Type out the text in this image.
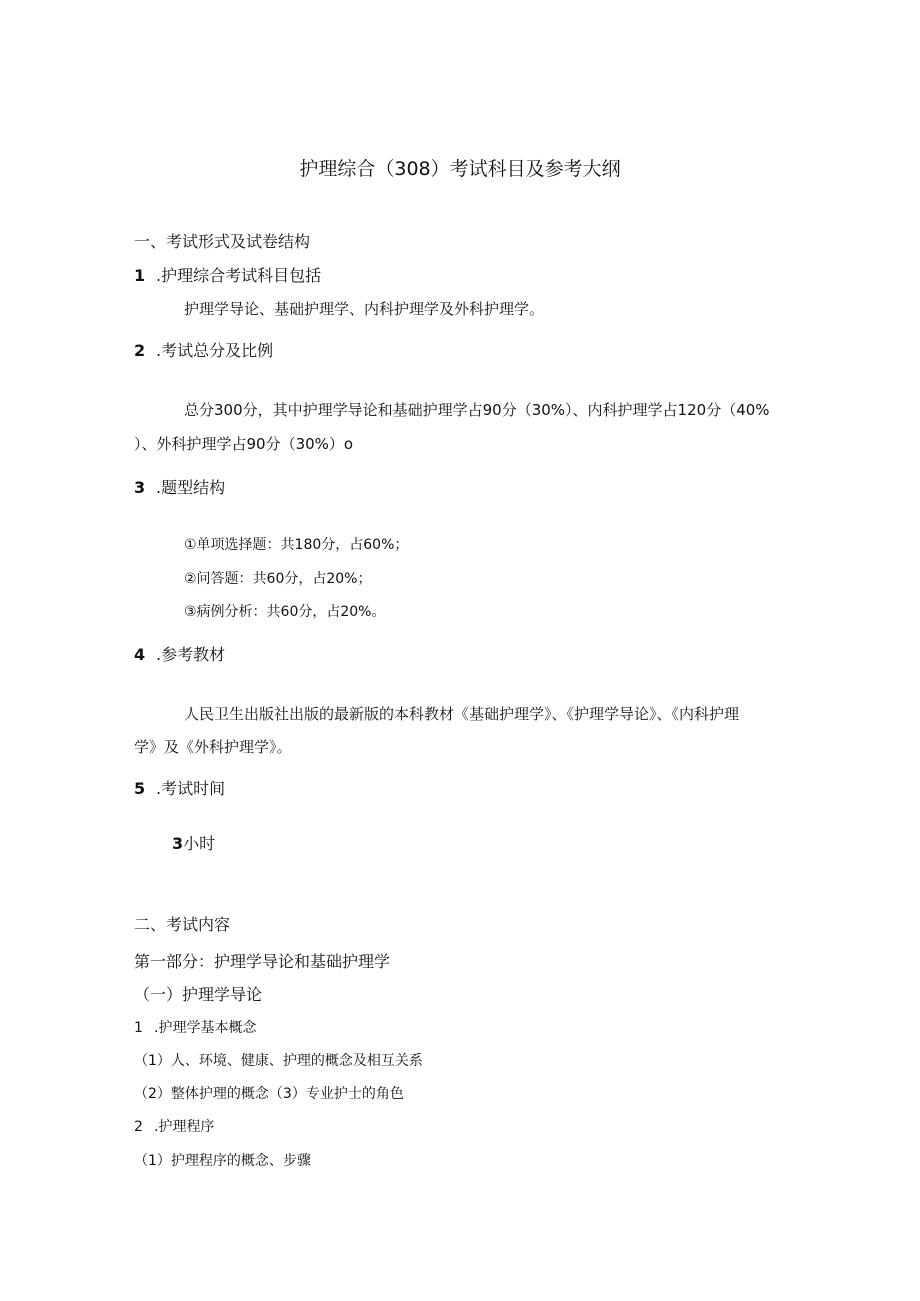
护理综合（308）考试科目及参考大纲
一、考试形式及试卷结构
1 .护理综合考试科目包括
护理学导论、基础护理学、内科护理学及外科护理学。
2 .考试总分及比例
总分300分，其中护理学导论和基础护理学占90分（30%）、内科护理学占120分（40%
）、外科护理学占90分（30%）o
3 .题型结构
①单项选择题：共180分，占60%；
②问答题：共60分，占20%；
③病例分析：共60分，占20%。
4 .参考教材
人民卫生出版社出版的最新版的本科教材《基础护理学》、《护理学导论》、《内科护理
学》及《外科护理学》。
5 .考试时间
3小时
二、考试内容
第一部分：护理学导论和基础护理学
（一）护理学导论
1 .护理学基本概念
（1）人、环境、健康、护理的概念及相互关系
（2）整体护理的概念（3）专业护士的角色
2 .护理程序
（1）护理程序的概念、步骤
